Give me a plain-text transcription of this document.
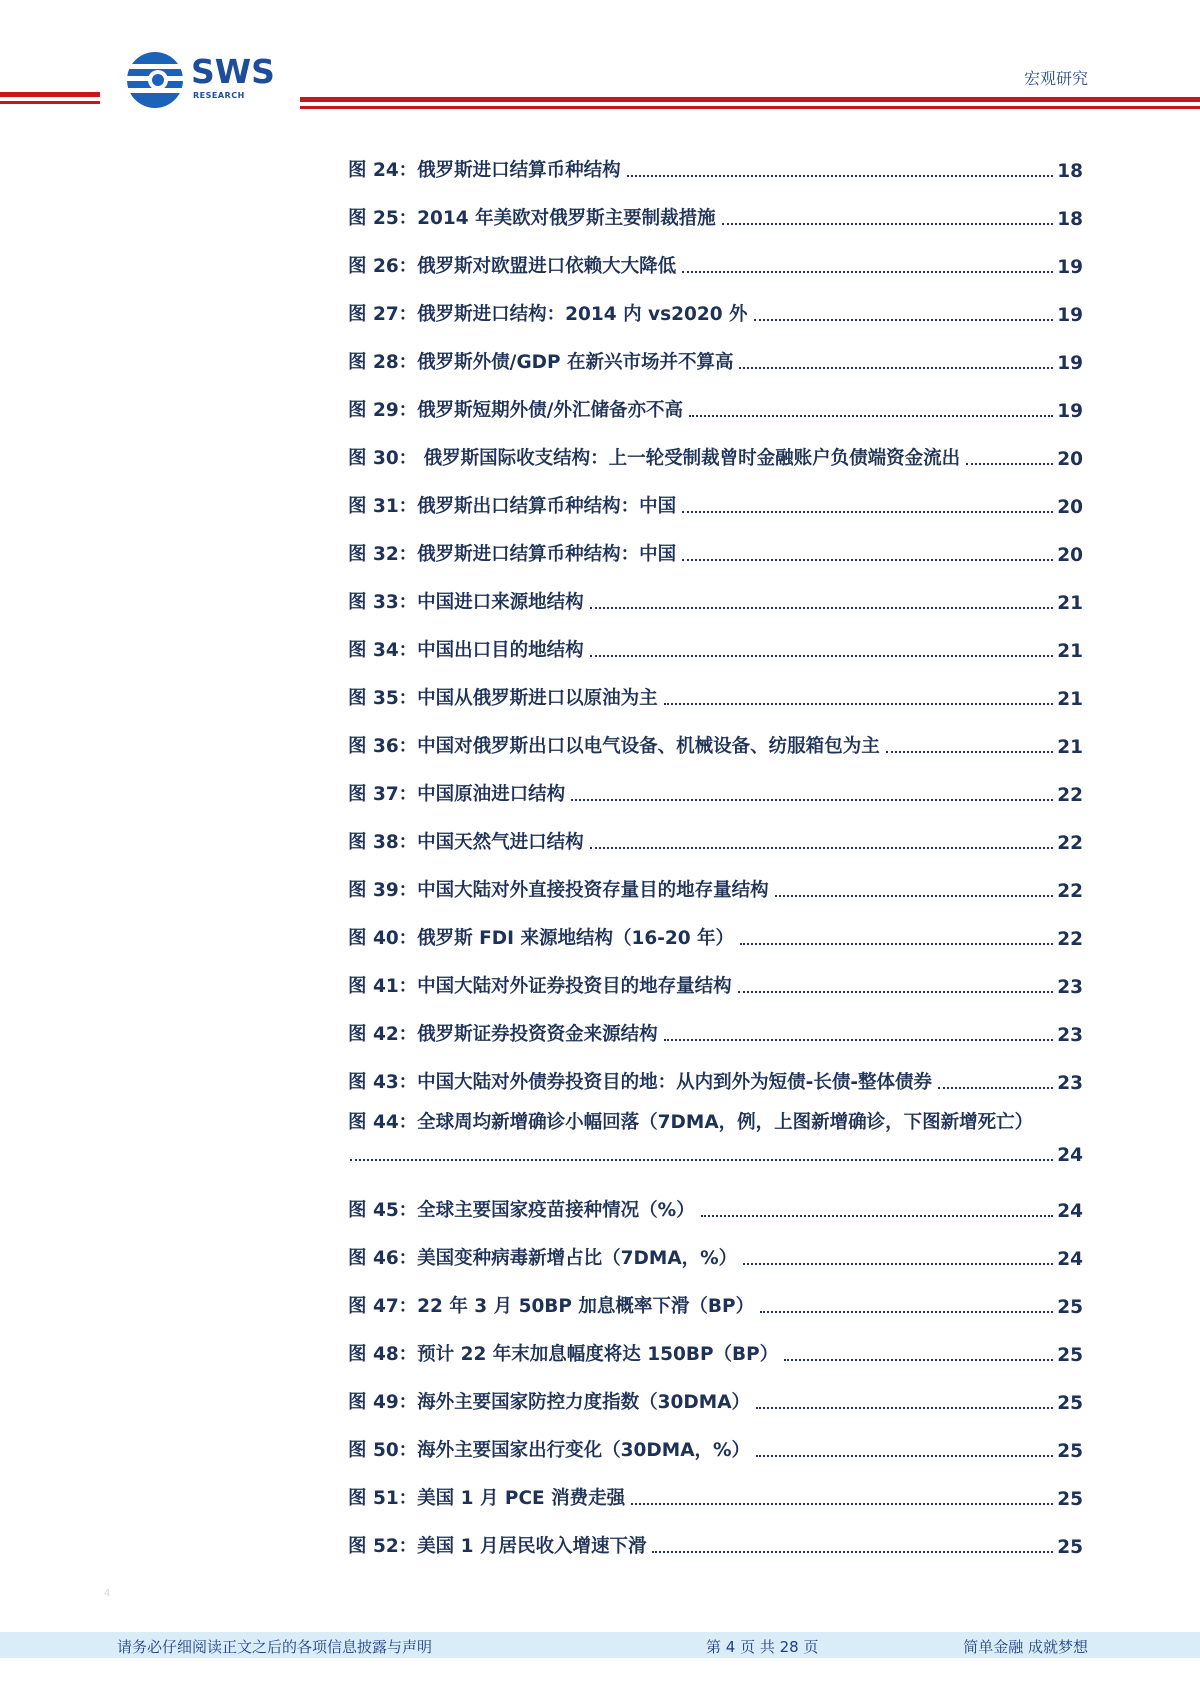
SWS
RESEARCH
宏观研究
图 24：俄罗斯进口结算币种结构	18
图 25：2014 年美欧对俄罗斯主要制裁措施	18
图 26：俄罗斯对欧盟进口依赖大大降低	19
图 27：俄罗斯进口结构：2014 内 vs2020 外	19
图 28：俄罗斯外债/GDP 在新兴市场并不算高	19
图 29：俄罗斯短期外债/外汇储备亦不高	19
图 30： 俄罗斯国际收支结构：上一轮受制裁曾时金融账户负债端资金流出	20
图 31：俄罗斯出口结算币种结构：中国	20
图 32：俄罗斯进口结算币种结构：中国	20
图 33：中国进口来源地结构	21
图 34：中国出口目的地结构	21
图 35：中国从俄罗斯进口以原油为主	21
图 36：中国对俄罗斯出口以电气设备、机械设备、纺服箱包为主	21
图 37：中国原油进口结构	22
图 38：中国天然气进口结构	22
图 39：中国大陆对外直接投资存量目的地存量结构	22
图 40：俄罗斯 FDI 来源地结构（16-20 年）	22
图 41：中国大陆对外证券投资目的地存量结构	23
图 42：俄罗斯证券投资资金来源结构	23
图 43：中国大陆对外债券投资目的地：从内到外为短债-长债-整体债券	23
图 44：全球周均新增确诊小幅回落（7DMA，例，上图新增确诊，下图新增死亡）
24
图 45：全球主要国家疫苗接种情况（%）	24
图 46：美国变种病毒新增占比（7DMA，%）	24
图 47：22 年 3 月 50BP 加息概率下滑（BP）	25
图 48：预计 22 年末加息幅度将达 150BP（BP）	25
图 49：海外主要国家防控力度指数（30DMA）	25
图 50：海外主要国家出行变化（30DMA，%）	25
图 51：美国 1 月 PCE 消费走强	25
图 52：美国 1 月居民收入增速下滑	25
4
请务必仔细阅读正文之后的各项信息披露与声明	第 4 页 共 28 页	简单金融 成就梦想
